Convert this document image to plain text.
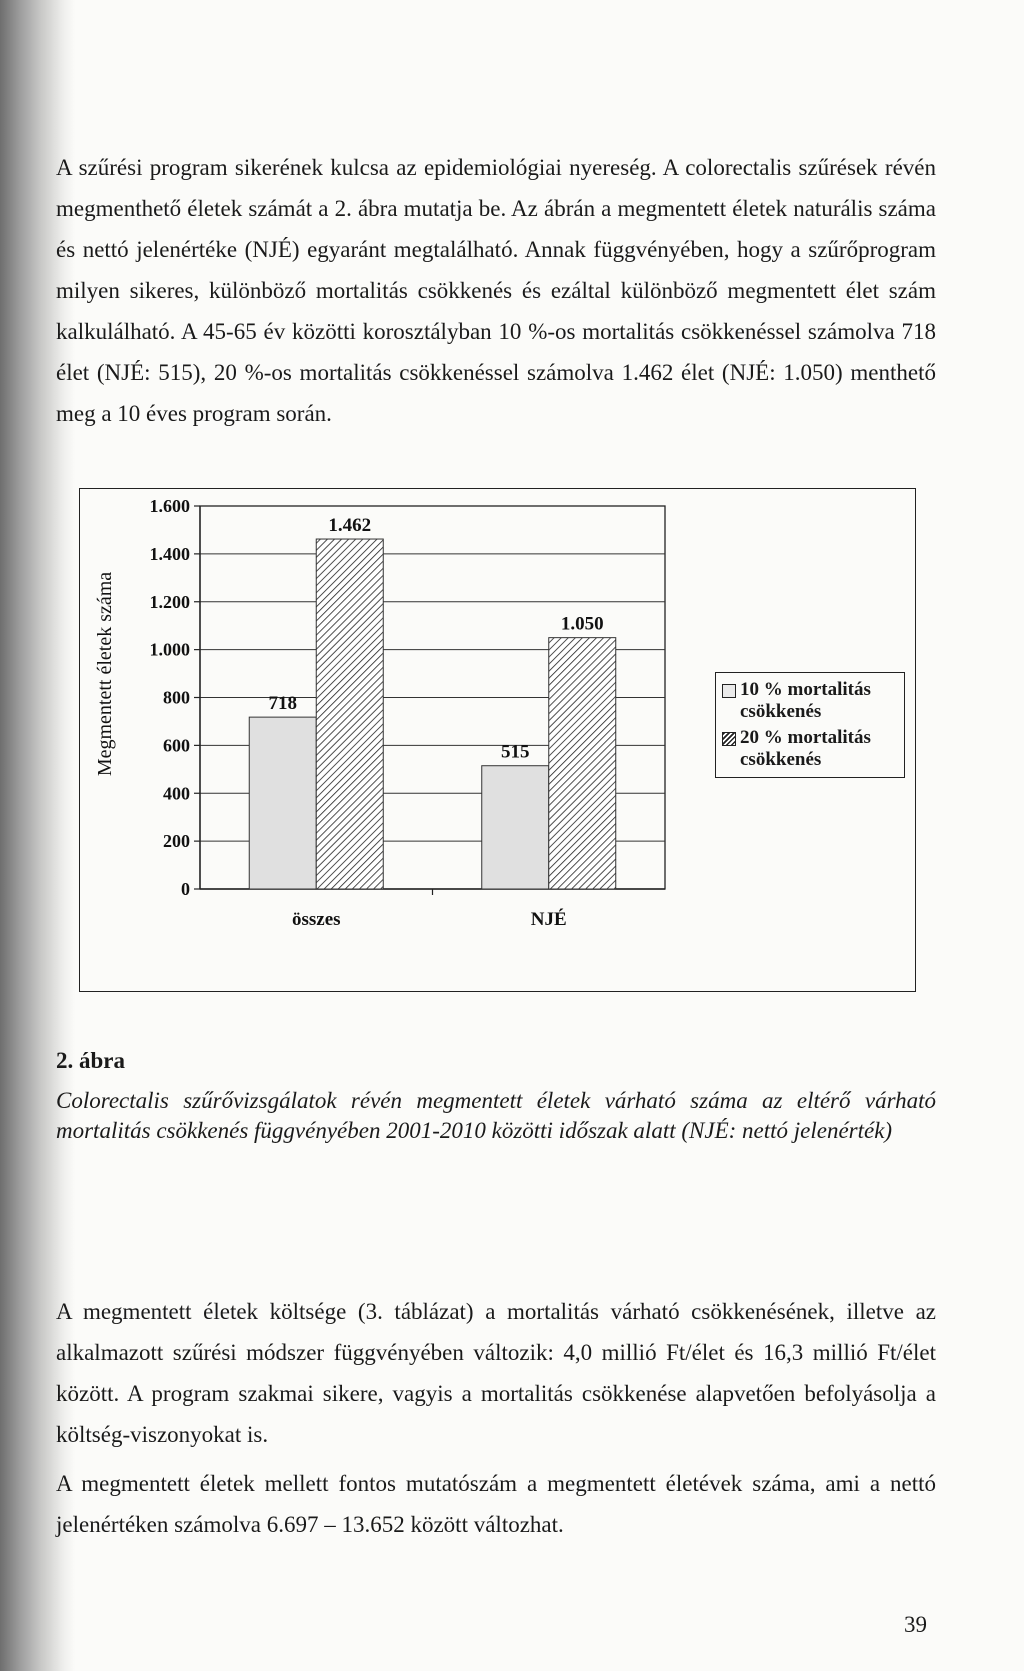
A szűrési program sikerének kulcsa az epidemiológiai nyereség. A colorectalis szűrések révén megmenthető életek számát a 2. ábra mutatja be. Az ábrán a megmentett életek naturális száma és nettó jelenértéke (NJÉ) egyaránt megtalálható. Annak függvényében, hogy a szűrőprogram milyen sikeres, különböző mortalitás csökkenés és ezáltal különböző megmentett élet szám kalkulálható. A 45-65 év közötti korosztályban 10 %-os mortalitás csökkenéssel számolva 718 élet (NJÉ: 515), 20 %-os mortalitás csökkenéssel számolva 1.462 élet (NJÉ: 1.050) menthető meg a 10 éves program során.

Megmentett életek száma
0
200
400
600
800
1.000
1.200
1.400
1.600
718
1.462
összes
515
1.050
NJÉ
10 % mortalitás csökkenés
20 % mortalitás csökkenés
2. ábra
Colorectalis szűrővizsgálatok révén megmentett életek várható száma az eltérő várható mortalitás csökkenés függvényében 2001-2010 közötti időszak alatt (NJÉ: nettó jelenérték)

A megmentett életek költsége (3. táblázat) a mortalitás várható csökkenésének, illetve az alkalmazott szűrési módszer függvényében változik: 4,0 millió Ft/élet és 16,3 millió Ft/élet között. A program szakmai sikere, vagyis a mortalitás csökkenése alapvetően befolyásolja a költség-viszonyokat is.

A megmentett életek mellett fontos mutatószám a megmentett életévek száma, ami a nettó jelenértéken számolva 6.697 – 13.652 között változhat.

39
